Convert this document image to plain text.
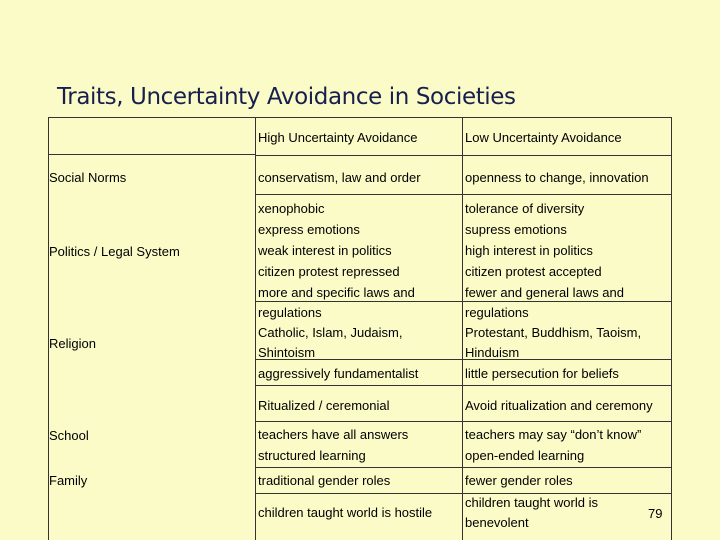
Traits, Uncertainty Avoidance in Societies
High Uncertainty Avoidance	Low Uncertainty Avoidance
Social Norms
Politics / Legal System
Religion
School
Family
conservatism, law and order
xenophobic
express emotions
weak interest in politics
citizen protest repressed
more and specific laws and
regulations
Catholic, Islam, Judaism,
Shintoism
aggressively fundamentalist
Ritualized / ceremonial
teachers have all answers
structured learning
traditional gender roles
children taught world is hostile
openness to change, innovation
tolerance of diversity
supress emotions
high interest in politics
citizen protest accepted
fewer and general laws and
regulations
Protestant, Buddhism, Taoism,
Hinduism
little persecution for beliefs
Avoid ritualization and ceremony
teachers may say “don’t know”
open-ended learning
fewer gender roles
children taught world is
benevolent
79
